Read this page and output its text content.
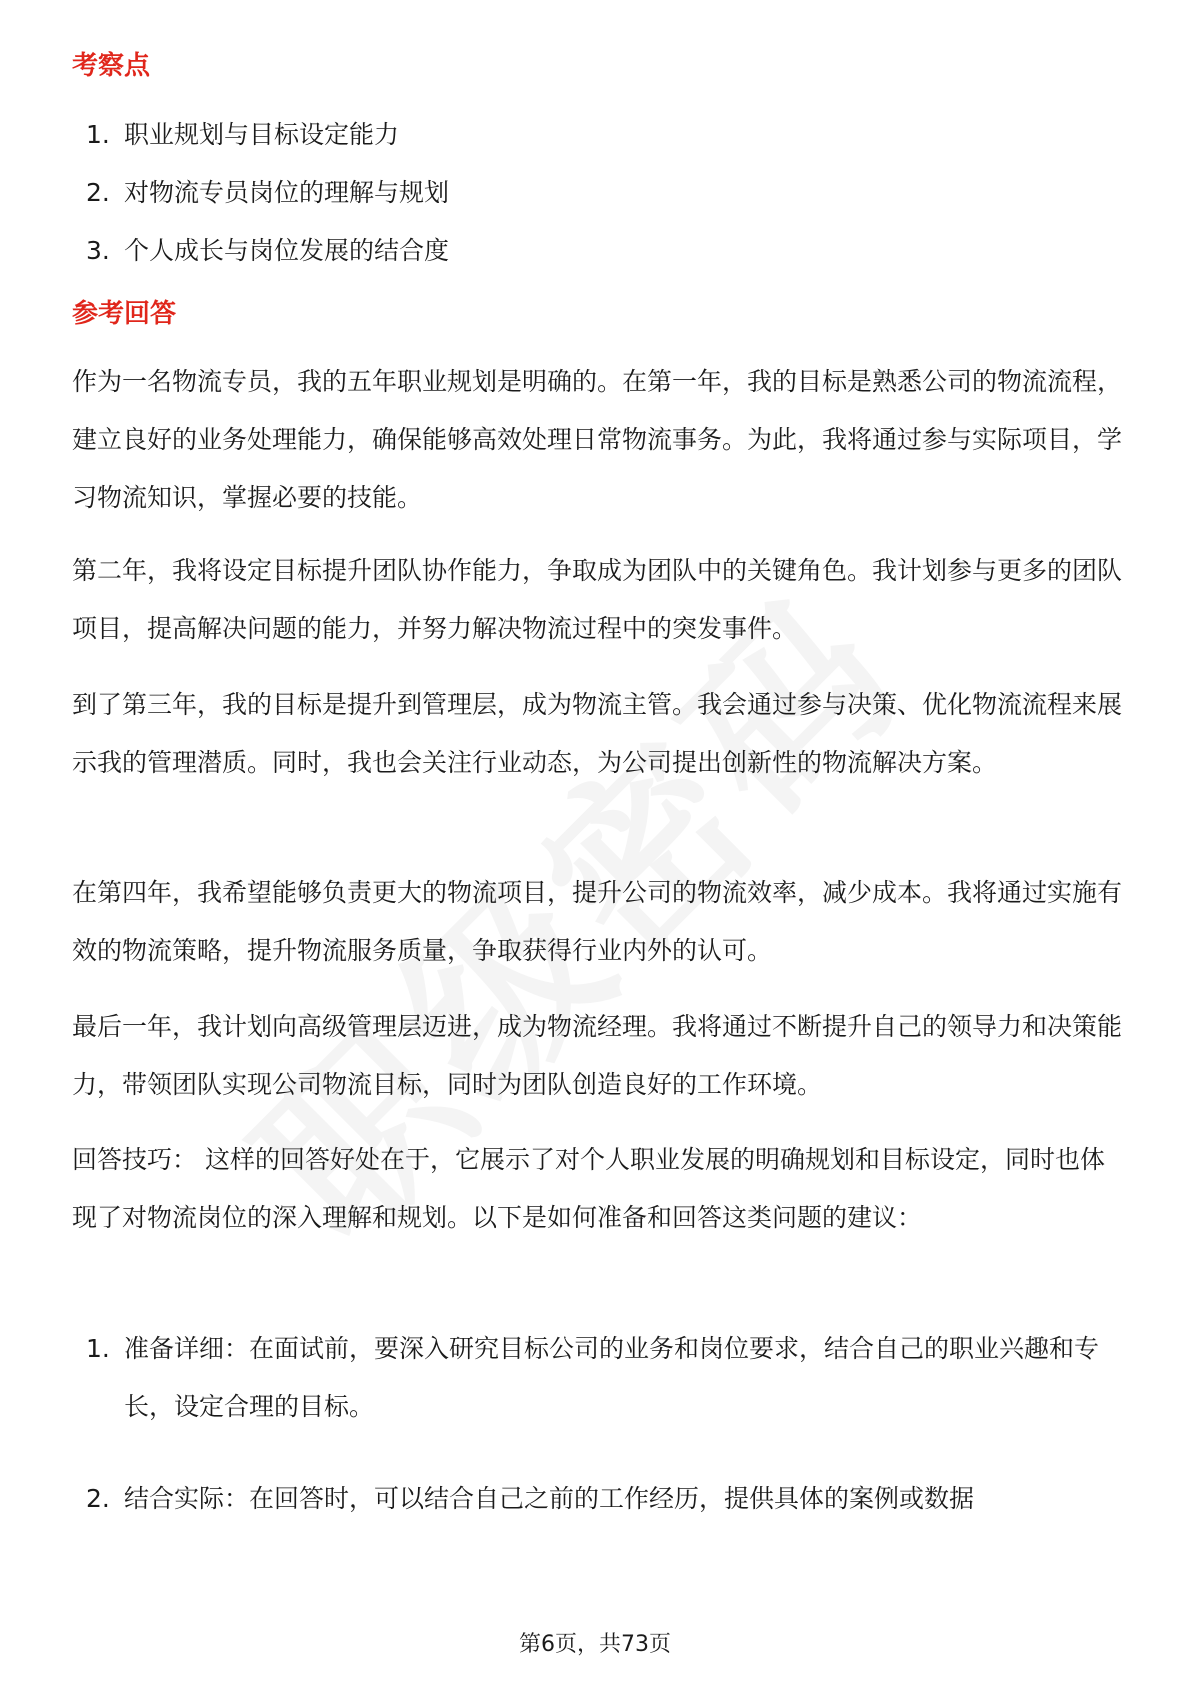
考察点
1. 职业规划与目标设定能力
2. 对物流专员岗位的理解与规划
3. 个人成长与岗位发展的结合度
参考回答

作为一名物流专员，我的五年职业规划是明确的。在第一年，我的目标是熟悉公司的物流流程，建立良好的业务处理能力，确保能够高效处理日常物流事务。为此，我将通过参与实际项目，学习物流知识，掌握必要的技能。

第二年，我将设定目标提升团队协作能力，争取成为团队中的关键角色。我计划参与更多的团队项目，提高解决问题的能力，并努力解决物流过程中的突发事件。

到了第三年，我的目标是提升到管理层，成为物流主管。我会通过参与决策、优化物流流程来展示我的管理潜质。同时，我也会关注行业动态，为公司提出创新性的物流解决方案。

在第四年，我希望能够负责更大的物流项目，提升公司的物流效率，减少成本。我将通过实施有效的物流策略，提升物流服务质量，争取获得行业内外的认可。

最后一年，我计划向高级管理层迈进，成为物流经理。我将通过不断提升自己的领导力和决策能力，带领团队实现公司物流目标，同时为团队创造良好的工作环境。

回答技巧： 这样的回答好处在于，它展示了对个人职业发展的明确规划和目标设定，同时也体现了对物流岗位的深入理解和规划。以下是如何准备和回答这类问题的建议：

1. 准备详细：在面试前，要深入研究目标公司的业务和岗位要求，结合自己的职业兴趣和专长，设定合理的目标。
2. 结合实际：在回答时，可以结合自己之前的工作经历，提供具体的案例或数据
第6页，共73页
